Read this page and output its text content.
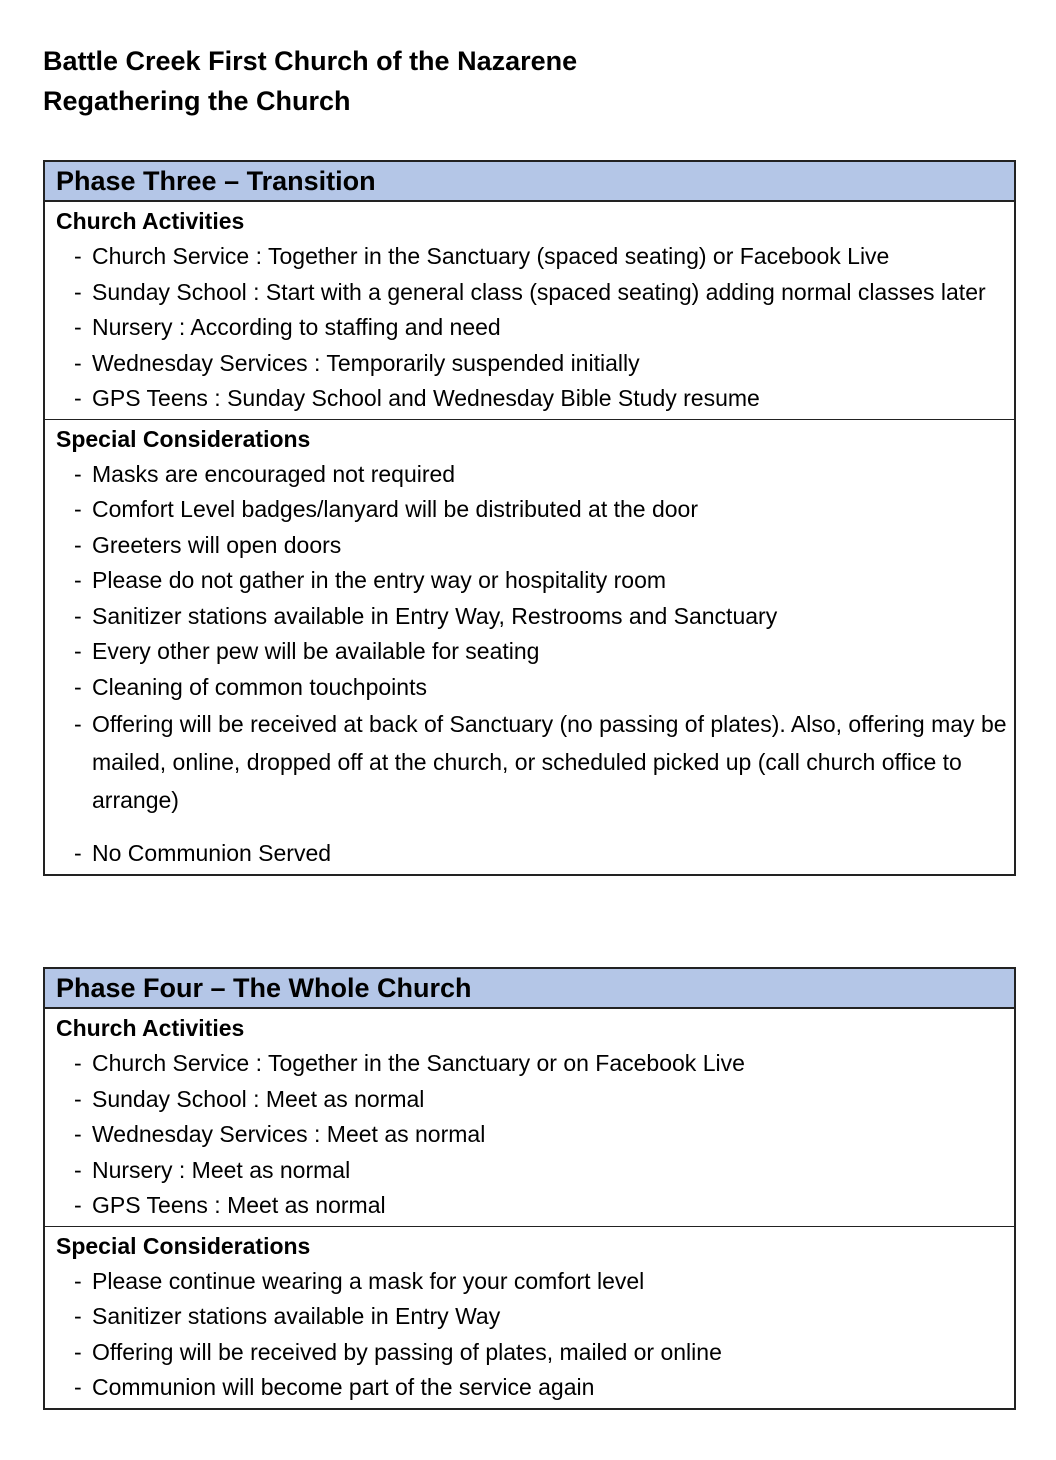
Battle Creek First Church of the Nazarene
Regathering the Church
Phase Three – Transition
Church Activities
- Church Service : Together in the Sanctuary (spaced seating) or Facebook Live
- Sunday School : Start with a general class (spaced seating) adding normal classes later
- Nursery : According to staffing and need
- Wednesday Services : Temporarily suspended initially
- GPS Teens : Sunday School and Wednesday Bible Study resume
Special Considerations
- Masks are encouraged not required
- Comfort Level badges/lanyard will be distributed at the door
- Greeters will open doors
- Please do not gather in the entry way or hospitality room
- Sanitizer stations available in Entry Way, Restrooms and Sanctuary
- Every other pew will be available for seating
- Cleaning of common touchpoints
- Offering will be received at back of Sanctuary (no passing of plates). Also, offering may be mailed, online, dropped off at the church, or scheduled picked up (call church office to arrange)
- No Communion Served
Phase Four – The Whole Church
Church Activities
- Church Service : Together in the Sanctuary or on Facebook Live
- Sunday School : Meet as normal
- Wednesday Services : Meet as normal
- Nursery : Meet as normal
- GPS Teens : Meet as normal
Special Considerations
- Please continue wearing a mask for your comfort level
- Sanitizer stations available in Entry Way
- Offering will be received by passing of plates, mailed or online
- Communion will become part of the service again
